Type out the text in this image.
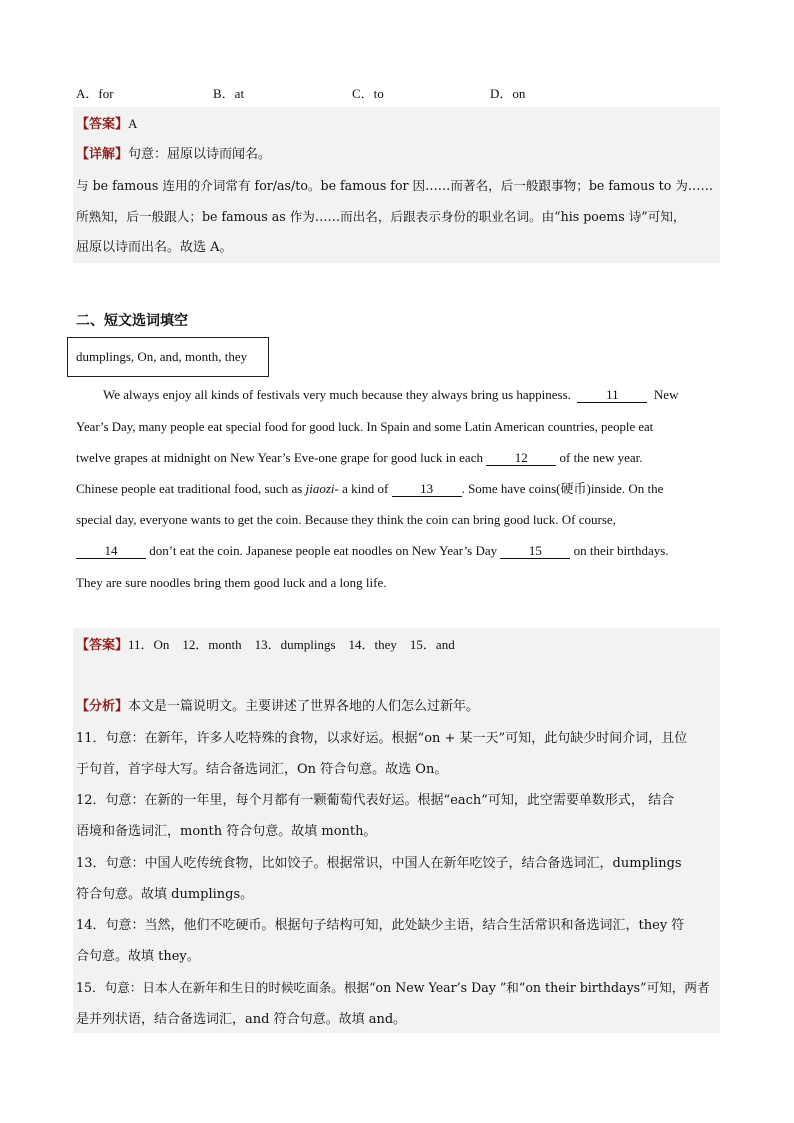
A．for	B．at	C．to	D．on
【答案】A
【详解】句意：屈原以诗而闻名。
与 be famous 连用的介词常有 for/as/to。be famous for 因……而著名，后一般跟事物；be famous to 为……
所熟知，后一般跟人；be famous as 作为……而出名，后跟表示身份的职业名词。由“his poems 诗”可知，
屈原以诗而出名。故选 A。
二、短文选词填空
dumplings, On, and, month, they
We always enjoy all kinds of festivals very much because they always bring us happiness.	11	New
Year’s Day, many people eat special food for good luck. In Spain and some Latin American countries, people eat
twelve grapes at midnight on New Year’s Eve-one grape for good luck in each 12 of the new year.
Chinese people eat traditional food, such as jiaozi- a kind of 13 . Some have coins(硬币)inside. On the
special day, everyone wants to get the coin. Because they think the coin can bring good luck. Of course,
14 don’t eat the coin. Japanese people eat noodles on New Year’s Day 15 on their birthdays.
They are sure noodles bring them good luck and a long life.
【答案】11．On　12．month　13．dumplings　14．they　15．and
【分析】本文是一篇说明文。主要讲述了世界各地的人们怎么过新年。
11．句意：在新年，许多人吃特殊的食物，以求好运。根据“on + 某一天”可知，此句缺少时间介词，且位
于句首，首字母大写。结合备选词汇，On 符合句意。故选 On。
12．句意：在新的一年里，每个月都有一颗葡萄代表好运。根据“each”可知，此空需要单数形式， 结合
语境和备选词汇，month 符合句意。故填 month。
13．句意：中国人吃传统食物，比如饺子。根据常识，中国人在新年吃饺子，结合备选词汇，dumplings
符合句意。故填 dumplings。
14．句意：当然，他们不吃硬币。根据句子结构可知，此处缺少主语，结合生活常识和备选词汇，they 符
合句意。故填 they。
15．句意：日本人在新年和生日的时候吃面条。根据“on New Year’s Day ”和“on their birthdays”可知，两者
是并列状语，结合备选词汇，and 符合句意。故填 and。
